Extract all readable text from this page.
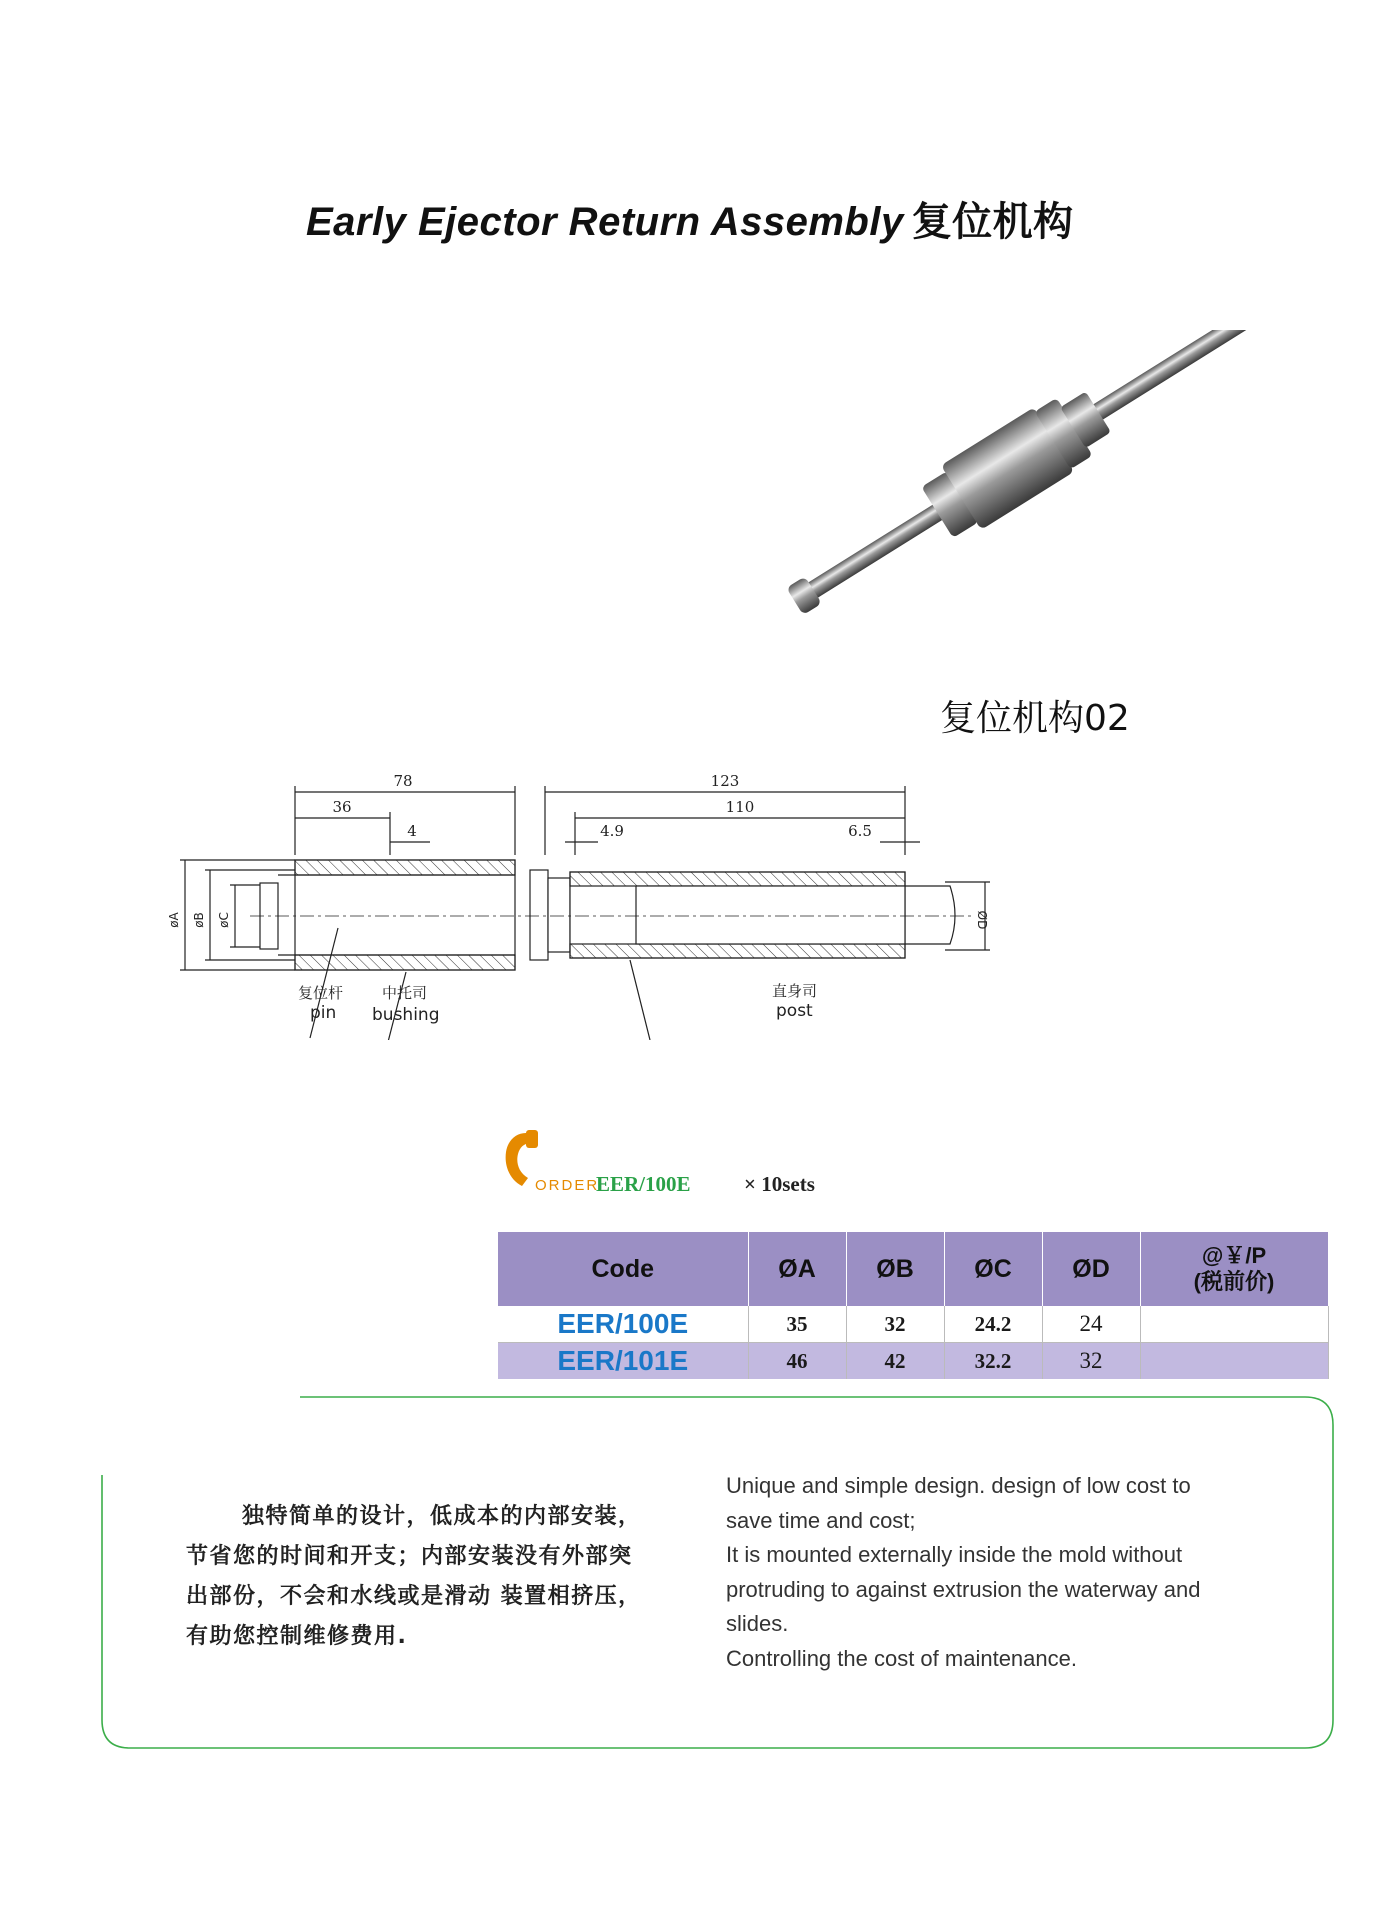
Early Ejector Return Assembly 复位机构
复位机构02
78
36
4
123
110
4.9	6.5
øA øB øC	ØD
复位杆
pin
中托司
bushing
直身司
post
ORDER
EER/100E	× 10sets
Code	ØA	ØB	ØC	ØD	@￥/P
(税前价)

EER/100E	35	32	24.2	24	
EER/101E	46	42	32.2	32	
独特简单的设计，低成本的内部安装，
节省您的时间和开支；内部安装没有外部突
出部份，不会和水线或是滑动 装置相挤压，
有助您控制维修费用.

Unique and simple design. design of low cost to

save time and cost;

It is mounted externally inside the mold without

protruding to against extrusion the waterway and

slides.

Controlling the cost of maintenance.
